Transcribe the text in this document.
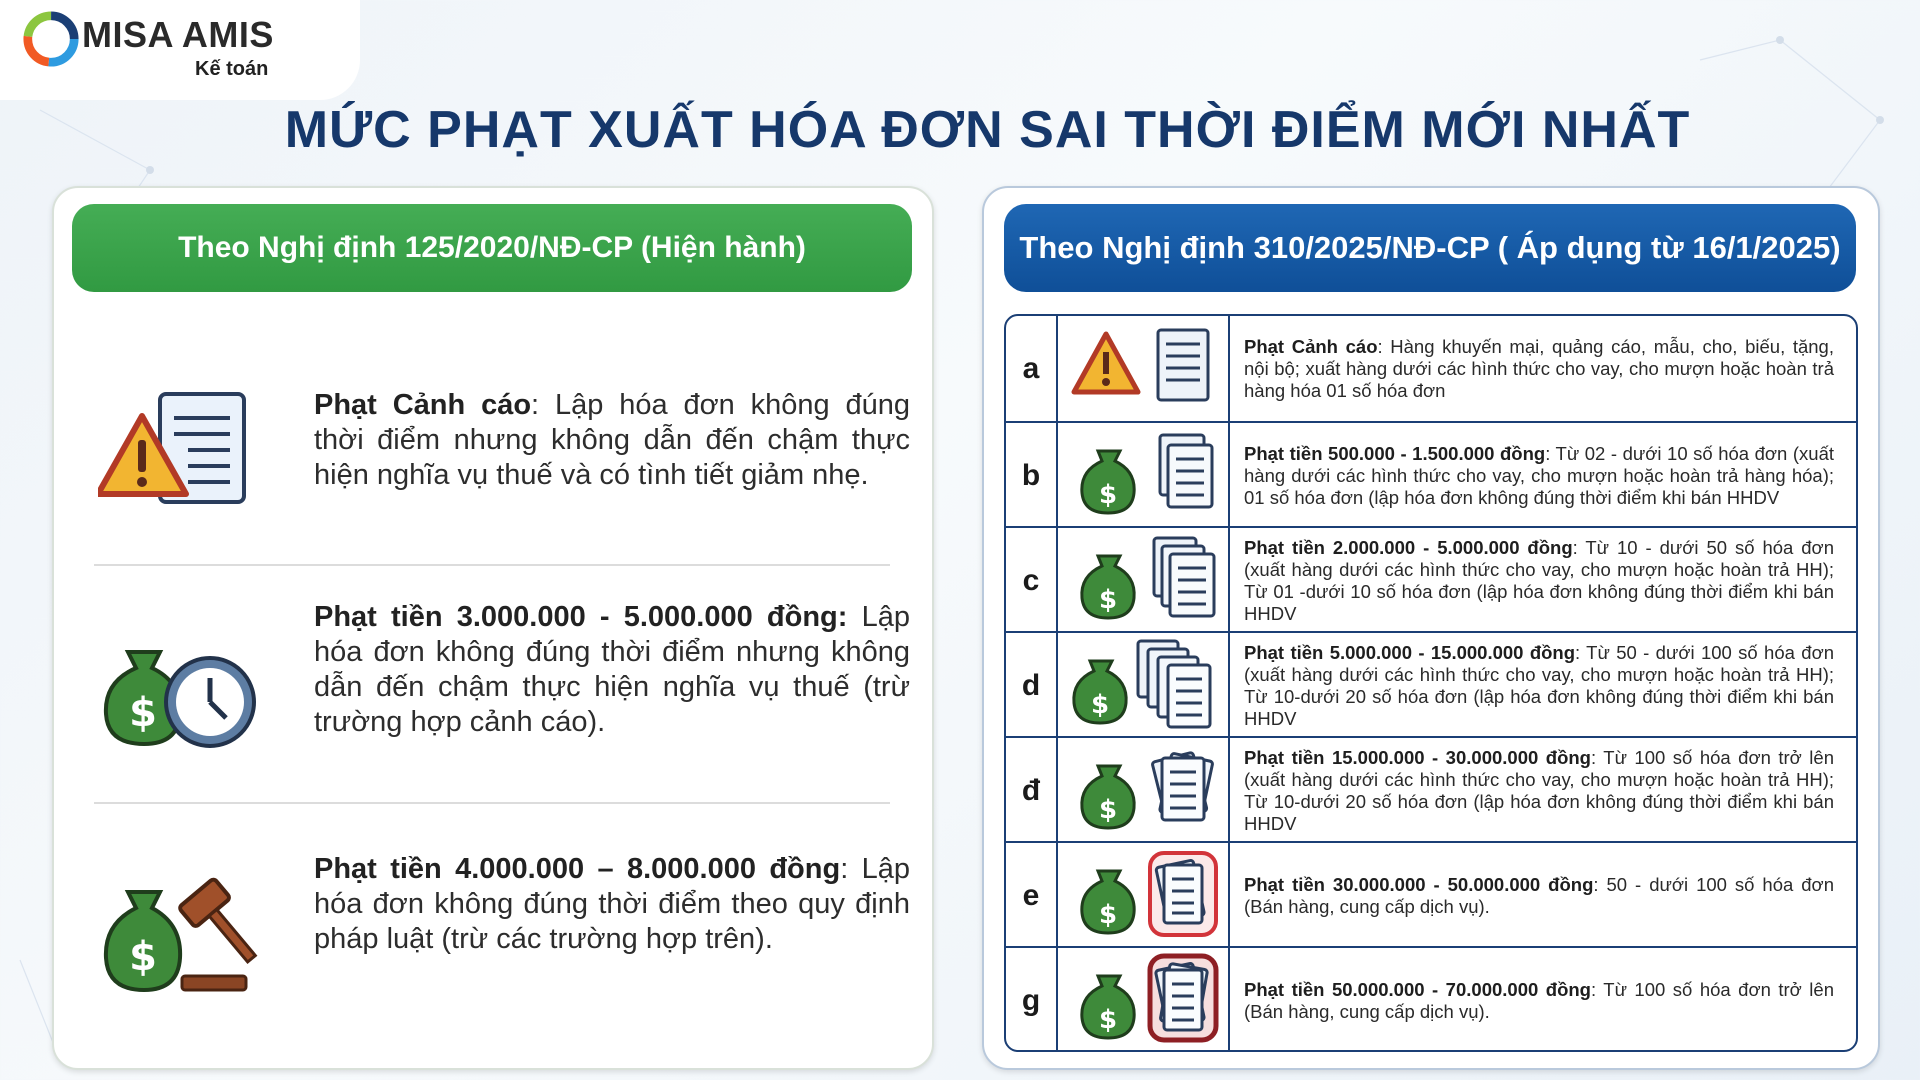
MISA AMIS
Kế toán
MỨC PHẠT XUẤT HÓA ĐƠN SAI THỜI ĐIỂM MỚI NHẤT
Theo Nghị định 125/2020/NĐ-CP (Hiện hành)
Phạt Cảnh cáo: Lập hóa đơn không đúng thời điểm nhưng không dẫn đến chậm thực hiện nghĩa vụ thuế và có tình tiết giảm nhẹ.
$
Phạt tiền 3.000.000 - 5.000.000 đồng: Lập hóa đơn không đúng thời điểm nhưng không dẫn đến chậm thực hiện nghĩa vụ thuế (trừ trường hợp cảnh cáo).
$
Phạt tiền 4.000.000 – 8.000.000 đồng: Lập hóa đơn không đúng thời điểm theo quy định pháp luật (trừ các trường hợp trên).
Theo Nghị định 310/2025/NĐ-CP ( Áp dụng từ 16/1/2025)
a
Phạt Cảnh cáo: Hàng khuyến mại, quảng cáo, mẫu, cho, biếu, tặng, nội bộ; xuất hàng dưới các hình thức cho vay, cho mượn hoặc hoàn trả hàng hóa 01 số hóa đơn
b
$
Phạt tiền 500.000 - 1.500.000 đồng: Từ 02 - dưới 10 số hóa đơn (xuất hàng dưới các hình thức cho vay, cho mượn hoặc hoàn trả hàng hóa); 01 số hóa đơn (lập hóa đơn không đúng thời điểm khi bán HHDV
c
$
Phạt tiền 2.000.000 - 5.000.000 đồng: Từ 10 - dưới 50 số hóa đơn (xuất hàng dưới các hình thức cho vay, cho mượn hoặc hoàn trả HH); Từ 01 -dưới 10 số hóa đơn (lập hóa đơn không đúng thời điểm khi bán HHDV
d
$
Phạt tiền 5.000.000 - 15.000.000 đồng: Từ 50 - dưới 100 số hóa đơn (xuất hàng dưới các hình thức cho vay, cho mượn hoặc hoàn trả HH); Từ 10-dưới 20 số hóa đơn (lập hóa đơn không đúng thời điểm khi bán HHDV
đ
$
Phạt tiền 15.000.000 - 30.000.000 đồng: Từ 100 số hóa đơn trở lên (xuất hàng dưới các hình thức cho vay, cho mượn hoặc hoàn trả HH); Từ 10-dưới 20 số hóa đơn (lập hóa đơn không đúng thời điểm khi bán HHDV
e
$
Phạt tiền 30.000.000 - 50.000.000 đồng: 50 - dưới 100 số hóa đơn (Bán hàng, cung cấp dịch vụ).
g
$
Phạt tiền 50.000.000 - 70.000.000 đồng: Từ 100 số hóa đơn trở lên (Bán hàng, cung cấp dịch vụ).
